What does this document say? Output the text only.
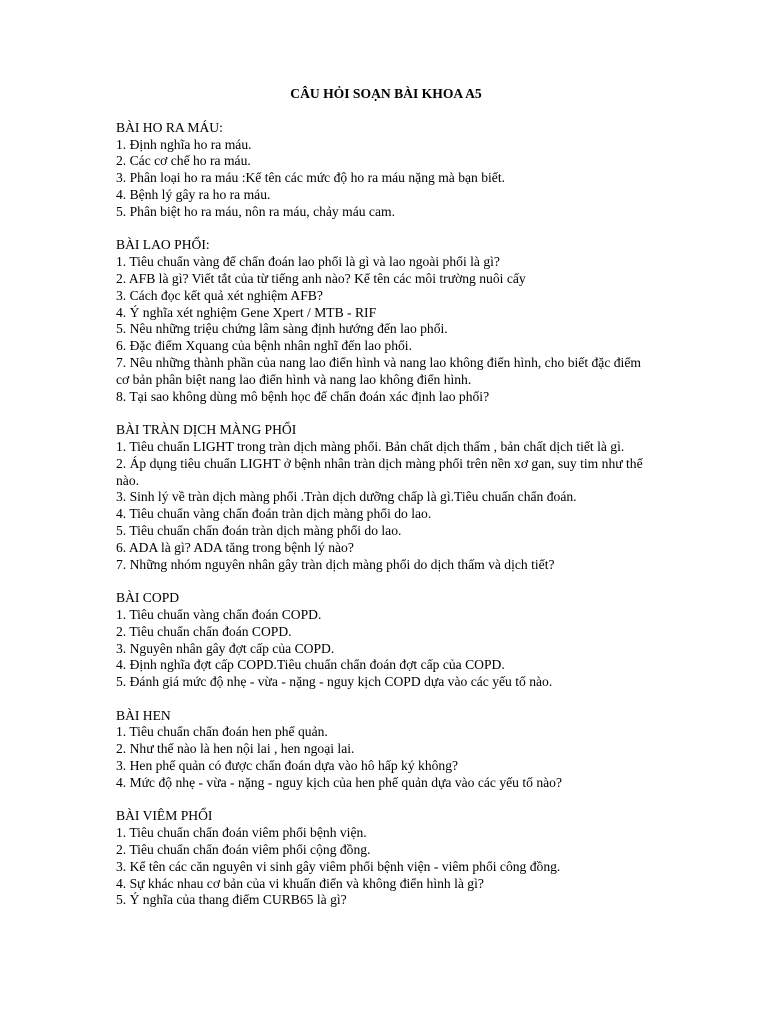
CÂU HỎI SOẠN BÀI KHOA A5
BÀI HO RA MÁU:
1. Định nghĩa ho ra máu.
2. Các cơ chế ho ra máu.
3. Phân loại ho ra máu :Kể tên các mức độ ho ra máu nặng mà bạn biết.
4. Bệnh lý gây ra ho ra máu.
5. Phân biệt ho ra máu, nôn ra máu, chảy máu cam.
BÀI LAO PHỔI:
1. Tiêu chuẩn vàng để chẩn đoán lao phổi là gì và lao ngoài phổi là gì?
2. AFB là gì? Viết tắt của từ tiếng anh nào? Kể tên các môi trường nuôi cấy
3. Cách đọc kết quả xét nghiệm AFB?
4. Ý nghĩa xét nghiệm Gene Xpert / MTB - RIF
5. Nêu những triệu chứng lâm sàng định hướng đến lao phổi.
6. Đặc điểm Xquang của bệnh nhân nghĩ đến lao phổi.
7. Nêu những thành phần của nang lao điển hình và nang lao không điển hình, cho biết đặc điểm cơ bản phân biệt nang lao điển hình và nang lao không điển hình.
8. Tại sao không dùng mô bệnh học để chẩn đoán xác định lao phổi?
BÀI TRÀN DỊCH MÀNG PHỔI
1. Tiêu chuẩn LIGHT trong tràn dịch màng phổi. Bản chất dịch thấm , bản chất dịch tiết là gì.
2. Áp dụng tiêu chuẩn LIGHT ở bệnh nhân tràn dịch màng phổi trên nền xơ gan, suy tim như thế nào.
3. Sinh lý về tràn dịch màng phổi .Tràn dịch dưỡng chấp là gì.Tiêu chuẩn chẩn đoán.
4. Tiêu chuẩn vàng chẩn đoán tràn dịch màng phổi do lao.
5. Tiêu chuẩn chẩn đoán tràn dịch màng phổi do lao.
6. ADA là gì? ADA tăng trong bệnh lý nào?
7. Những nhóm nguyên nhân gây tràn dịch màng phổi do dịch thấm và dịch tiết?
BÀI COPD
1. Tiêu chuẩn vàng chẩn đoán COPD.
2. Tiêu chuẩn chẩn đoán COPD.
3. Nguyên nhân gây đợt cấp của COPD.
4. Định nghĩa đợt cấp COPD.Tiêu chuẩn chẩn đoán đợt cấp của COPD.
5. Đánh giá mức độ nhẹ - vừa - nặng - nguy kịch COPD dựa vào các yếu tố nào.
BÀI HEN
1. Tiêu chuẩn chẩn đoán hen phế quản.
2. Như thế nào là hen nội lai , hen ngoại lai.
3. Hen phế quản có được chẩn đoán dựa vào hô hấp ký không?
4. Mức độ nhẹ - vừa - nặng - nguy kịch của hen phế quản dựa vào các yếu tố nào?
BÀI VIÊM PHỔI
1. Tiêu chuẩn chẩn đoán viêm phổi bệnh viện.
2. Tiêu chuẩn chẩn đoán viêm phổi cộng đồng.
3. Kể tên các căn nguyên vi sinh gây viêm phổi bệnh viện - viêm phổi công đồng.
4. Sự khác nhau cơ bản của vi khuẩn điển và không điển hình là gì?
5. Ý nghĩa của thang điểm CURB65 là gì?
